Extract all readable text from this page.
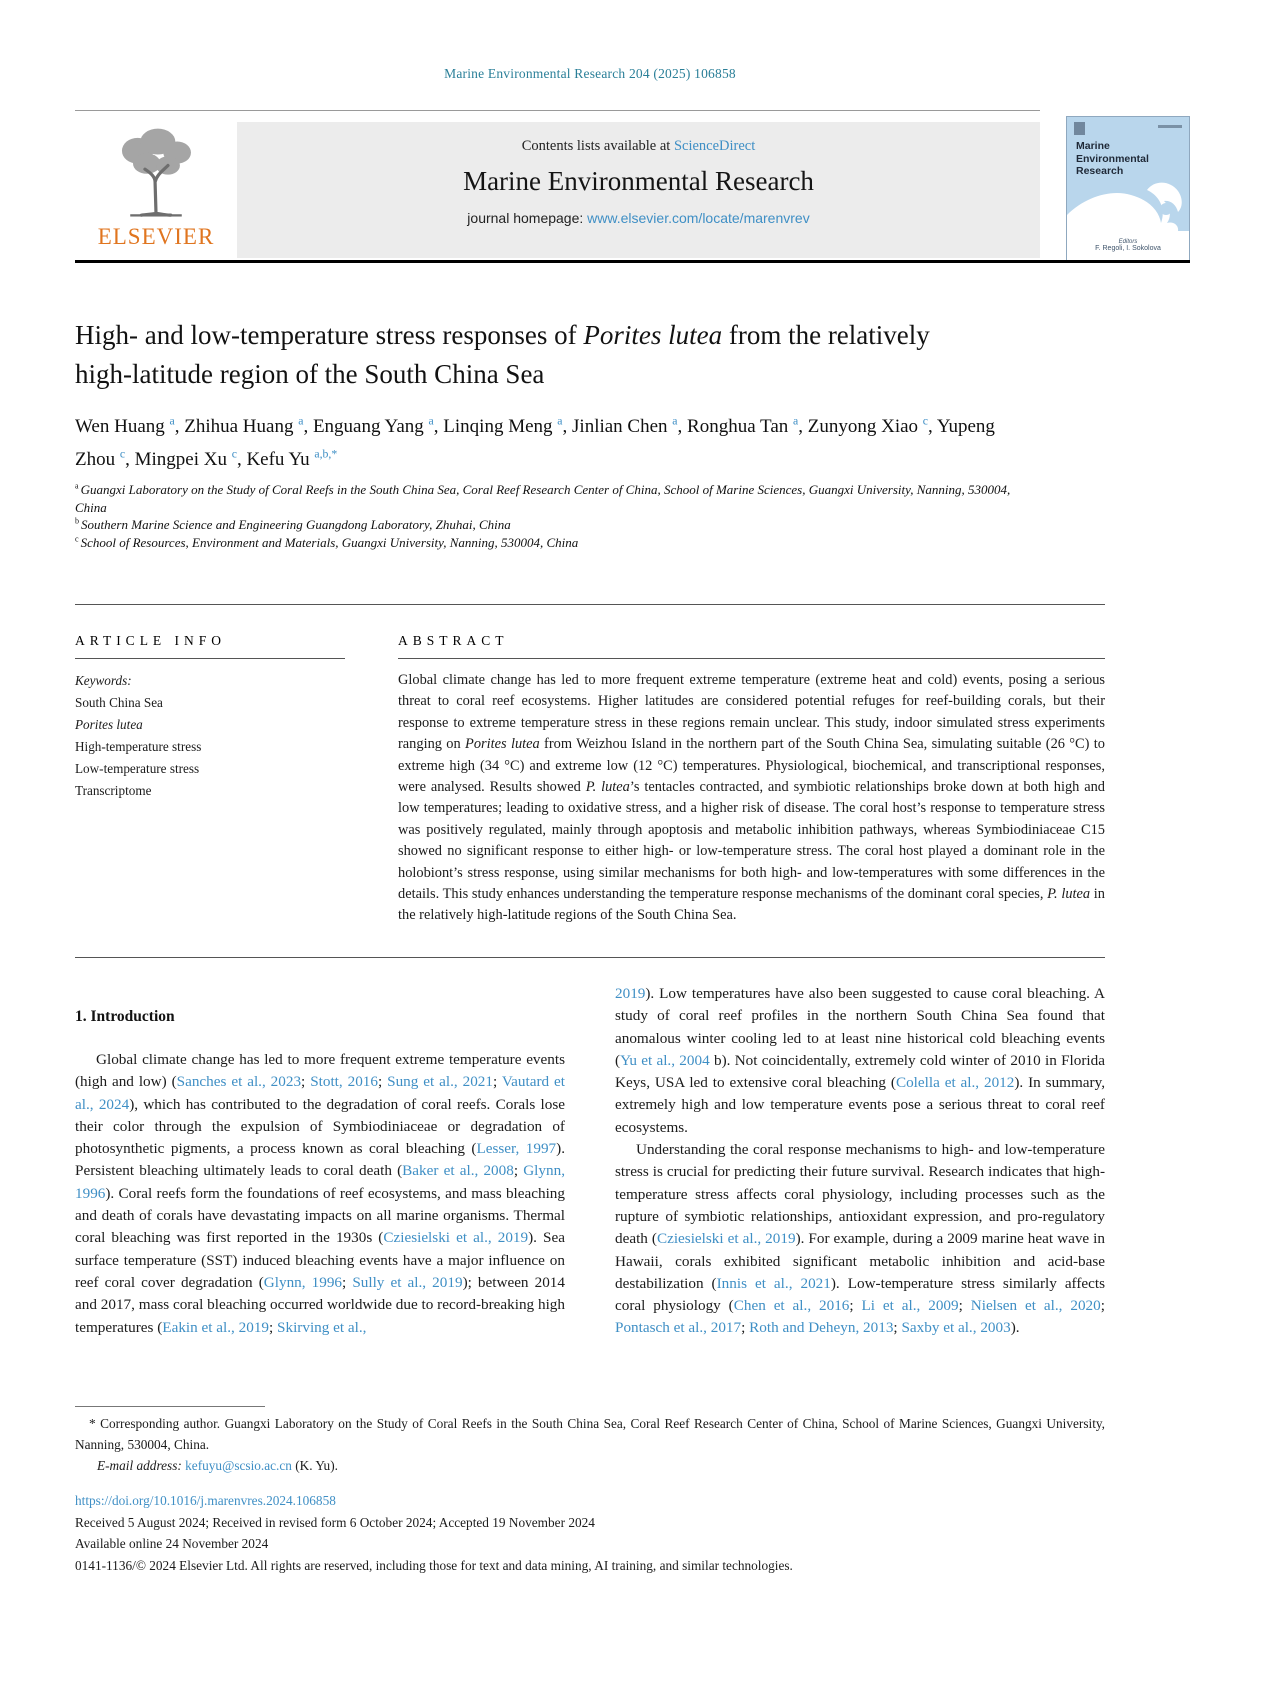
Marine Environmental Research 204 (2025) 106858
ELSEVIER
Contents lists available at ScienceDirect
Marine Environmental Research
journal homepage: www.elsevier.com/locate/marenvrev
Marine
Environmental
Research
Editors
F. Regoli, I. Sokolova
High- and low-temperature stress responses of Porites lutea from the relatively high-latitude region of the South China Sea
Wen Huang $^a$, Zhihua Huang $^a$, Enguang Yang $^a$, Linqing Meng $^a$, Jinlian Chen $^a$, Ronghua Tan $^a$, Zunyong Xiao $^c$, Yupeng Zhou $^c$, Mingpei Xu $^c$, Kefu Yu $^{a,b,*}$
$^a$ Guangxi Laboratory on the Study of Coral Reefs in the South China Sea, Coral Reef Research Center of China, School of Marine Sciences, Guangxi University, Nanning, 530004, China
$^b$ Southern Marine Science and Engineering Guangdong Laboratory, Zhuhai, China
$^c$ School of Resources, Environment and Materials, Guangxi University, Nanning, 530004, China
ARTICLE INFO
Keywords:
South China Sea
Porites lutea
High-temperature stress
Low-temperature stress
Transcriptome
ABSTRACT

Global climate change has led to more frequent extreme temperature (extreme heat and cold) events, posing a serious threat to coral reef ecosystems. Higher latitudes are considered potential refuges for reef-building corals, but their response to extreme temperature stress in these regions remain unclear. This study, indoor simulated stress experiments ranging on Porites lutea from Weizhou Island in the northern part of the South China Sea, simulating suitable (26 °C) to extreme high (34 °C) and extreme low (12 °C) temperatures. Physiological, biochemical, and transcriptional responses, were analysed. Results showed P. lutea’s tentacles contracted, and symbiotic relationships broke down at both high and low temperatures; leading to oxidative stress, and a higher risk of disease. The coral host’s response to temperature stress was positively regulated, mainly through apoptosis and metabolic inhibition pathways, whereas Symbiodiniaceae C15 showed no significant response to either high- or low-temperature stress. The coral host played a dominant role in the holobiont’s stress response, using similar mechanisms for both high- and low-temperatures with some differences in the details. This study enhances understanding the temperature response mechanisms of the dominant coral species, P. lutea in the relatively high-latitude regions of the South China Sea.

1. Introduction

Global climate change has led to more frequent extreme temperature events (high and low) (Sanches et al., 2023; Stott, 2016; Sung et al., 2021; Vautard et al., 2024), which has contributed to the degradation of coral reefs. Corals lose their color through the expulsion of Symbiodiniaceae or degradation of photosynthetic pigments, a process known as coral bleaching (Lesser, 1997). Persistent bleaching ultimately leads to coral death (Baker et al., 2008; Glynn, 1996). Coral reefs form the foundations of reef ecosystems, and mass bleaching and death of corals have devastating impacts on all marine organisms. Thermal coral bleaching was first reported in the 1930s (Cziesielski et al., 2019). Sea surface temperature (SST) induced bleaching events have a major influence on reef coral cover degradation (Glynn, 1996; Sully et al., 2019); between 2014 and 2017, mass coral bleaching occurred worldwide due to record-breaking high temperatures (Eakin et al., 2019; Skirving et al.,

2019). Low temperatures have also been suggested to cause coral bleaching. A study of coral reef profiles in the northern South China Sea found that anomalous winter cooling led to at least nine historical cold bleaching events (Yu et al., 2004 b). Not coincidentally, extremely cold winter of 2010 in Florida Keys, USA led to extensive coral bleaching (Colella et al., 2012). In summary, extremely high and low temperature events pose a serious threat to coral reef ecosystems.

Understanding the coral response mechanisms to high- and low-temperature stress is crucial for predicting their future survival. Research indicates that high-temperature stress affects coral physiology, including processes such as the rupture of symbiotic relationships, antioxidant expression, and pro-regulatory death (Cziesielski et al., 2019). For example, during a 2009 marine heat wave in Hawaii, corals exhibited significant metabolic inhibition and acid-base destabilization (Innis et al., 2021). Low-temperature stress similarly affects coral physiology (Chen et al., 2016; Li et al., 2009; Nielsen et al., 2020; Pontasch et al., 2017; Roth and Deheyn, 2013; Saxby et al., 2003).

* Corresponding author. Guangxi Laboratory on the Study of Coral Reefs in the South China Sea, Coral Reef Research Center of China, School of Marine Sciences, Guangxi University, Nanning, 530004, China.

E-mail address: kefuyu@scsio.ac.cn (K. Yu).

https://doi.org/10.1016/j.marenvres.2024.106858
Received 5 August 2024; Received in revised form 6 October 2024; Accepted 19 November 2024
Available online 24 November 2024
0141-1136/© 2024 Elsevier Ltd. All rights are reserved, including those for text and data mining, AI training, and similar technologies.
